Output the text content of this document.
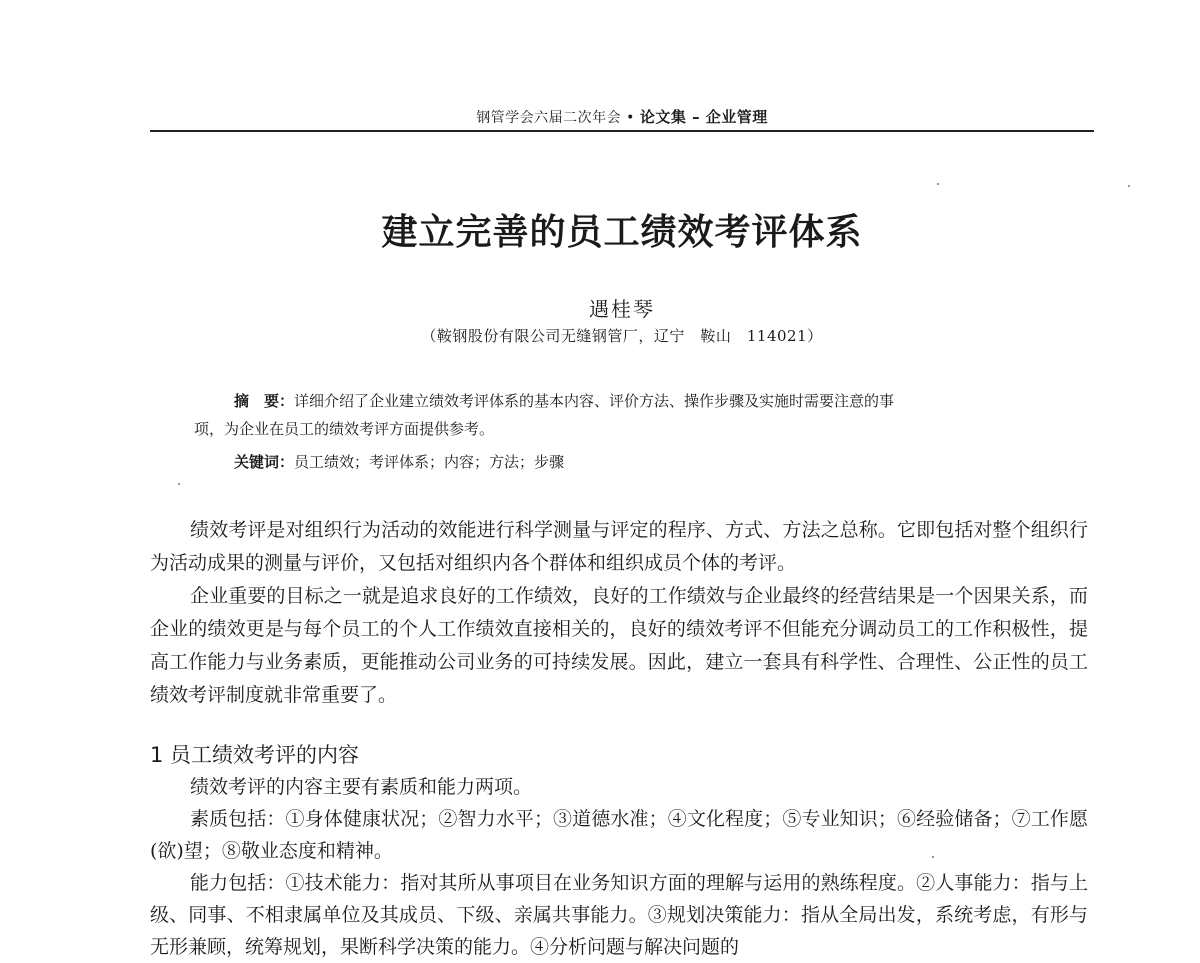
钢管学会六届二次年会 • 论文集 – 企业管理
建立完善的员工绩效考评体系
遇桂琴
（鞍钢股份有限公司无缝钢管厂，辽宁　鞍山　114021）
摘　要：详细介绍了企业建立绩效考评体系的基本内容、评价方法、操作步骤及实施时需要注意的事
项，为企业在员工的绩效考评方面提供参考。
关键词：员工绩效；考评体系；内容；方法；步骤

绩效考评是对组织行为活动的效能进行科学测量与评定的程序、方式、方法之总称。它即包括对整个组织行为活动成果的测量与评价，又包括对组织内各个群体和组织成员个体的考评。

企业重要的目标之一就是追求良好的工作绩效，良好的工作绩效与企业最终的经营结果是一个因果关系，而企业的绩效更是与每个员工的个人工作绩效直接相关的，良好的绩效考评不但能充分调动员工的工作积极性，提高工作能力与业务素质，更能推动公司业务的可持续发展。因此，建立一套具有科学性、合理性、公正性的员工绩效考评制度就非常重要了。

1 员工绩效考评的内容

绩效考评的内容主要有素质和能力两项。

素质包括：①身体健康状况；②智力水平；③道德水准；④文化程度；⑤专业知识；⑥经验储备；⑦工作愿(欲)望；⑧敬业态度和精神。

能力包括：①技术能力：指对其所从事项目在业务知识方面的理解与运用的熟练程度。②人事能力：指与上级、同事、不相隶属单位及其成员、下级、亲属共事能力。③规划决策能力：指从全局出发，系统考虑，有形与无形兼顾，统筹规划，果断科学决策的能力。④分析问题与解决问题的
